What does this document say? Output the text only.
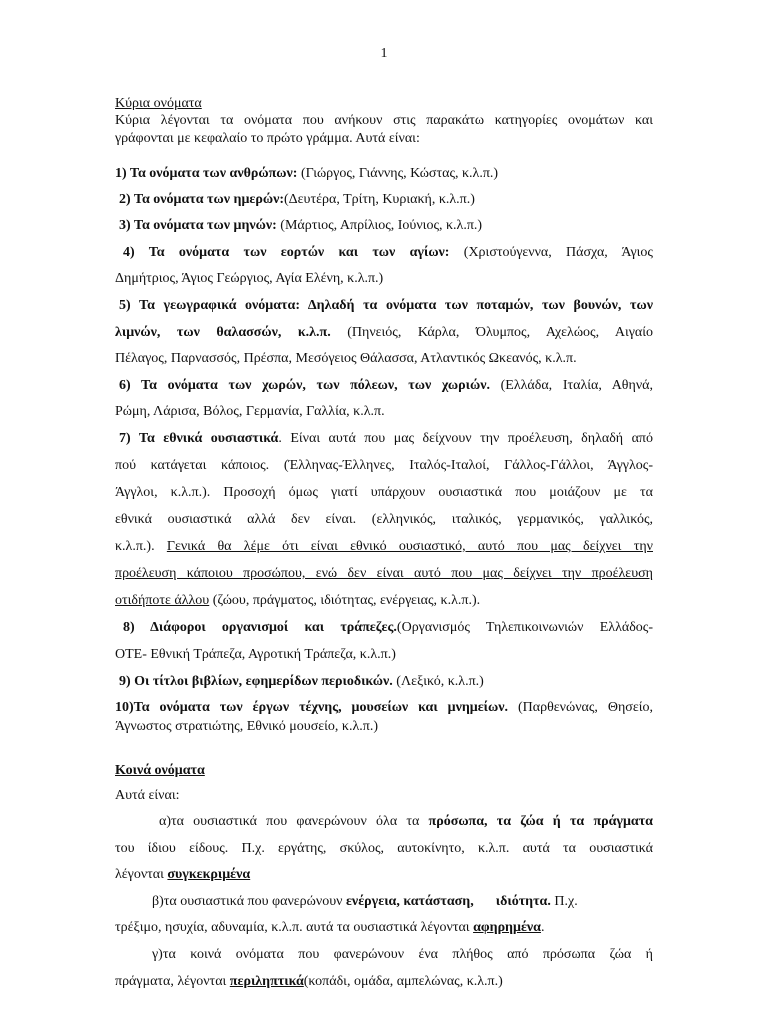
1
Κύρια ονόματα
Κύρια λέγονται τα ονόματα που ανήκουν στις παρακάτω κατηγορίες ονομάτων και
γράφονται με κεφαλαίο το πρώτο γράμμα. Αυτά είναι:
1) Τα ονόματα των ανθρώπων: (Γιώργος, Γιάννης, Κώστας, κ.λ.π.)
2) Τα ονόματα των ημερών:(Δευτέρα, Τρίτη, Κυριακή, κ.λ.π.)
3) Τα ονόματα των μηνών: (Μάρτιος, Απρίλιος, Ιούνιος, κ.λ.π.)
4) Τα ονόματα των εορτών και των αγίων: (Χριστούγεννα, Πάσχα, Άγιος
Δημήτριος, Άγιος Γεώργιος, Αγία Ελένη, κ.λ.π.)
5) Τα γεωγραφικά ονόματα: Δηλαδή τα ονόματα των ποταμών, των βουνών, των
λιμνών, των θαλασσών, κ.λ.π. (Πηνειός, Κάρλα, Όλυμπος, Αχελώος, Αιγαίο
Πέλαγος, Παρνασσός, Πρέσπα, Μεσόγειος Θάλασσα, Ατλαντικός Ωκεανός, κ.λ.π.
6) Τα ονόματα των χωρών, των πόλεων, των χωριών. (Ελλάδα, Ιταλία, Αθηνά,
Ρώμη, Λάρισα, Βόλος, Γερμανία, Γαλλία, κ.λ.π.
7) Τα εθνικά ουσιαστικά. Είναι αυτά που μας δείχνουν την προέλευση, δηλαδή από
πού κατάγεται κάποιος. (Έλληνας-Έλληνες, Ιταλός-Ιταλοί, Γάλλος-Γάλλοι, Άγγλος-
Άγγλοι, κ.λ.π.). Προσοχή όμως γιατί υπάρχουν ουσιαστικά που μοιάζουν με τα
εθνικά ουσιαστικά αλλά δεν είναι. (ελληνικός, ιταλικός, γερμανικός, γαλλικός,
κ.λ.π.). Γενικά θα λέμε ότι είναι εθνικό ουσιαστικό, αυτό που μας δείχνει την
προέλευση κάποιου προσώπου, ενώ δεν είναι αυτό που μας δείχνει την προέλευση
οτιδήποτε άλλου (ζώου, πράγματος, ιδιότητας, ενέργειας, κ.λ.π.).
8) Διάφοροι οργανισμοί και τράπεζες.(Οργανισμός Τηλεπικοινωνιών Ελλάδος-
ΟΤΕ- Εθνική Τράπεζα, Αγροτική Τράπεζα, κ.λ.π.)
9) Οι τίτλοι βιβλίων, εφημερίδων περιοδικών. (Λεξικό, κ.λ.π.)
10)Τα ονόματα των έργων τέχνης, μουσείων και μνημείων. (Παρθενώνας, Θησείο,
Άγνωστος στρατιώτης, Εθνικό μουσείο, κ.λ.π.)
Κοινά ονόματα
Αυτά είναι:
α)τα ουσιαστικά που φανερώνουν όλα τα πρόσωπα, τα ζώα ή τα πράγματα
του ίδιου είδους. Π.χ. εργάτης, σκύλος, αυτοκίνητο, κ.λ.π. αυτά τα ουσιαστικά
λέγονται συγκεκριμένα
β)τα ουσιαστικά που φανερώνουν ενέργεια, κατάσταση, ιδιότητα. Π.χ.
τρέξιμο, ησυχία, αδυναμία, κ.λ.π. αυτά τα ουσιαστικά λέγονται αφηρημένα.
γ)τα κοινά ονόματα που φανερώνουν ένα πλήθος από πρόσωπα ζώα ή
πράγματα, λέγονται περιληπτικά(κοπάδι, ομάδα, αμπελώνας, κ.λ.π.)
